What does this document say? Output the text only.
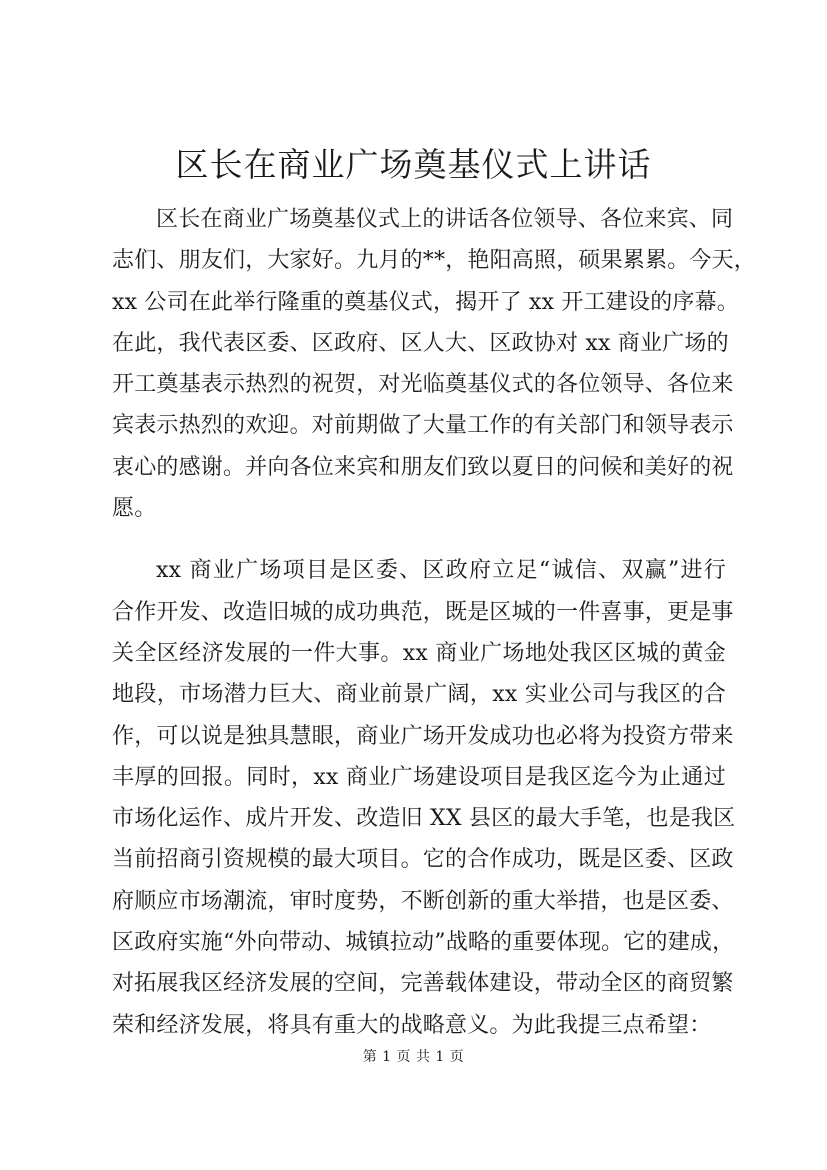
区长在商业广场奠基仪式上讲话
区长在商业广场奠基仪式上的讲话各位领导、各位来宾、同
志们、朋友们，大家好。九月的**，艳阳高照，硕果累累。今天，
xx 公司在此举行隆重的奠基仪式，揭开了 xx 开工建设的序幕。
在此，我代表区委、区政府、区人大、区政协对 xx 商业广场的
开工奠基表示热烈的祝贺，对光临奠基仪式的各位领导、各位来
宾表示热烈的欢迎。对前期做了大量工作的有关部门和领导表示
衷心的感谢。并向各位来宾和朋友们致以夏日的问候和美好的祝
愿。
xx 商业广场项目是区委、区政府立足“诚信、双赢”进行
合作开发、改造旧城的成功典范，既是区城的一件喜事，更是事
关全区经济发展的一件大事。xx 商业广场地处我区区城的黄金
地段，市场潜力巨大、商业前景广阔，xx 实业公司与我区的合
作，可以说是独具慧眼，商业广场开发成功也必将为投资方带来
丰厚的回报。同时，xx 商业广场建设项目是我区迄今为止通过
市场化运作、成片开发、改造旧 XX 县区的最大手笔，也是我区
当前招商引资规模的最大项目。它的合作成功，既是区委、区政
府顺应市场潮流，审时度势，不断创新的重大举措，也是区委、
区政府实施“外向带动、城镇拉动”战略的重要体现。它的建成，
对拓展我区经济发展的空间，完善载体建设，带动全区的商贸繁
荣和经济发展，将具有重大的战略意义。为此我提三点希望：
第 1 页 共 1 页
